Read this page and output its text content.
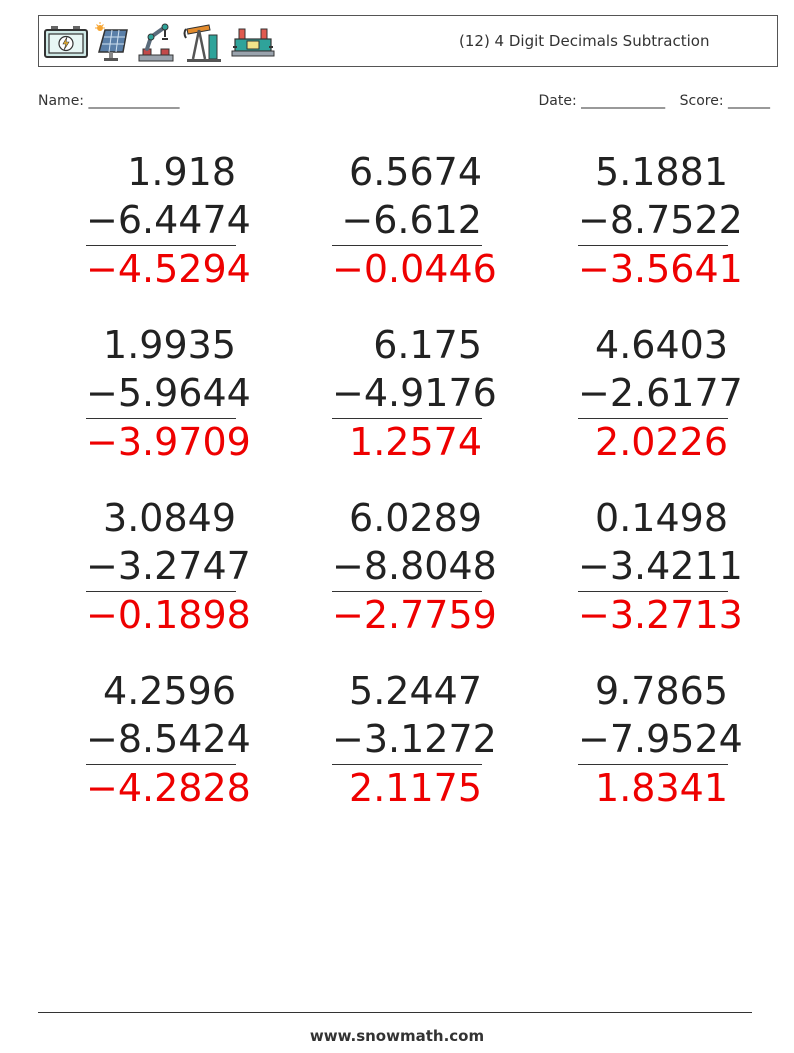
(12) 4 Digit Decimals Subtraction
Name: _____________	Date: ____________ Score: ______
1.918
−6.4474
−4.5294
6.5674
−6.612
−0.0446
5.1881
−8.7522
−3.5641
1.9935
−5.9644
−3.9709
6.175
−4.9176
1.2574
4.6403
−2.6177
2.0226
3.0849
−3.2747
−0.1898
6.0289
−8.8048
−2.7759
0.1498
−3.4211
−3.2713
4.2596
−8.5424
−4.2828
5.2447
−3.1272
2.1175
9.7865
−7.9524
1.8341
www.snowmath.com
